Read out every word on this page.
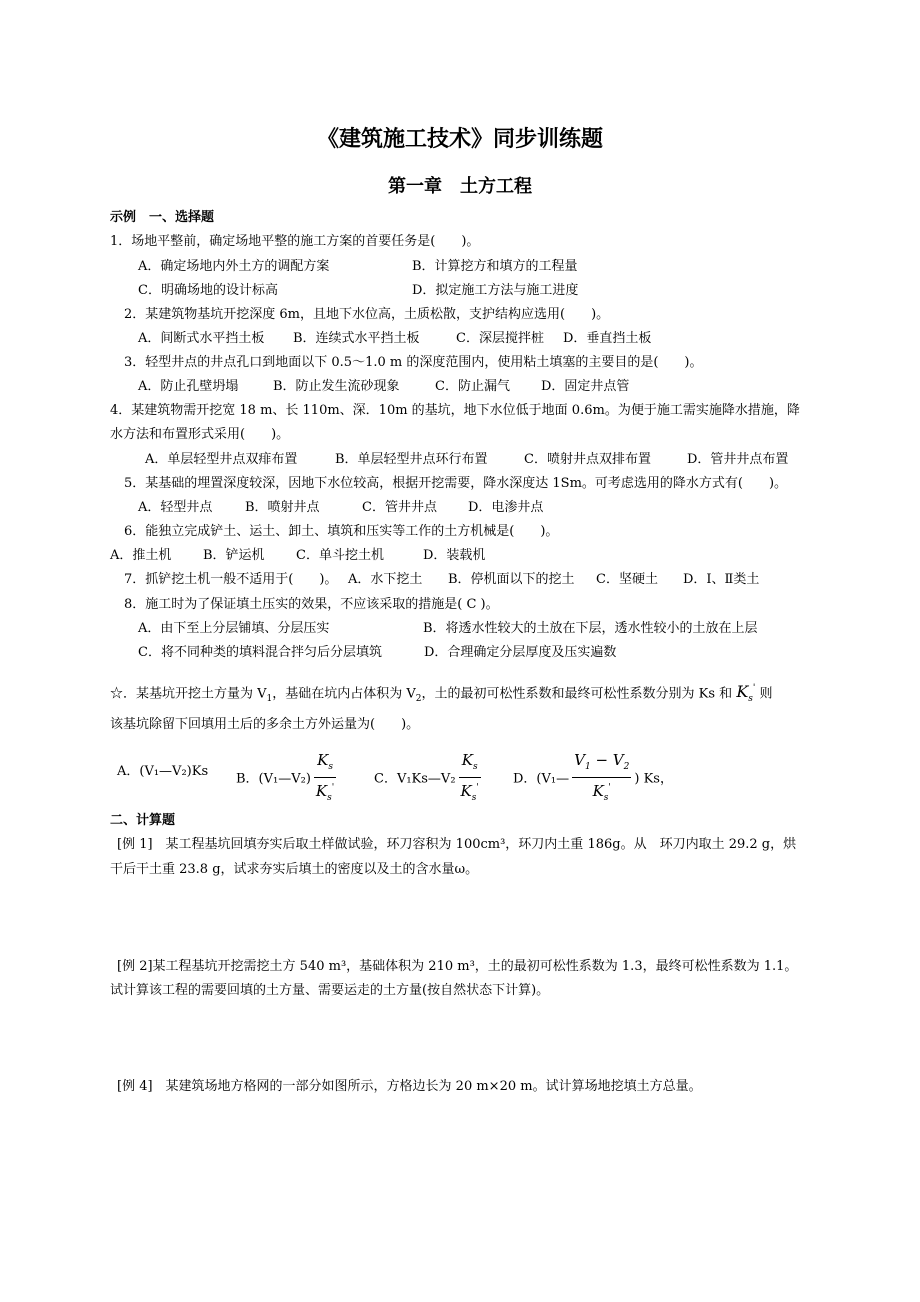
《建筑施工技术》同步训练题
第一章　土方工程
示例　一、选择题
1．场地平整前，确定场地平整的施工方案的首要任务是(　　)。
A．确定场地内外土方的调配方案	B．计算挖方和填方的工程量
C．明确场地的设计标高	D．拟定施工方法与施工进度
2．某建筑物基坑开挖深度 6m，且地下水位高，土质松散，支护结构应选用(　　)。
A．间断式水平挡土板 B．连续式水平挡土板	C．深层搅拌桩 D．垂直挡土板
3．轻型井点的井点孔口到地面以下 0.5～1.0 m 的深度范围内，使用粘土填塞的主要目的是(　　)。
A．防止孔壁坍塌	B．防止发生流砂现象	C．防止漏气 D．固定井点管
4．某建筑物需开挖宽 18 m、长 110m、深．10m 的基坑，地下水位低于地面 0.6m。为便于施工需实施降水措施，降
水方法和布置形式采用(　　)。
A．单层轻型井点双痱布置	B．单层轻型井点环行布置	C．喷射井点双排布置	D．管井井点布置
5．某基础的埋置深度较深，因地下水位较高，根据开挖需要，降水深度达 1Sm。可考虑选用的降水方式有(　　)。
A．轻型井点	B．喷射井点	C．管井井点 D．电渗井点
6．能独立完成铲土、运土、卸土、填筑和压实等工作的土方机械是(　　)。
A．推土机 B．铲运机 C．单斗挖土机	D．装载机
7．抓铲挖土机一般不适用于(　　)。 A．水下挖土 B．停机面以下的挖土 C．坚硬土 D．I、Ⅱ类土
8．施工时为了保证填土压实的效果，不应该采取的措施是( C )。
A．由下至上分层铺填、分层压实	B．将透水性较大的土放在下层，透水性较小的土放在上层
C．将不同种类的填料混合拌匀后分层填筑	D．合理确定分层厚度及压实遍数
☆．某基坑开挖土方量为 $V_1$，基础在坑内占体积为 $V_2$，土的最初可松性系数和最终可松性系数分别为 Ks 和 $K_s'$ 则
该基坑除留下回填用土后的多余土方外运量为(　　)。
A．(V₁—V₂)Ks B．(V₁—V₂) $\frac{K_s}{K_s'}$	C．V₁Ks—V₂ $\frac{K_s}{K_s'}$ D．(V₁— $\frac{V_1 - V_2}{K_s'}$ ) Ks，
二、计算题
[例 1]　某工程基坑回填夯实后取土样做试验，环刀容积为 100cm³，环刀内土重 186g。从　环刀内取土 29.2 g，烘
干后干土重 23.8 g，试求夯实后填土的密度以及土的含水量ω。
[例 2]某工程基坑开挖需挖土方 540 m³，基础体积为 210 m³，土的最初可松性系数为 1.3，最终可松性系数为 1.1。
试计算该工程的需要回填的土方量、需要运走的土方量(按自然状态下计算)。
[例 4]　某建筑场地方格网的一部分如图所示，方格边长为 20 m×20 m。试计算场地挖填土方总量。
